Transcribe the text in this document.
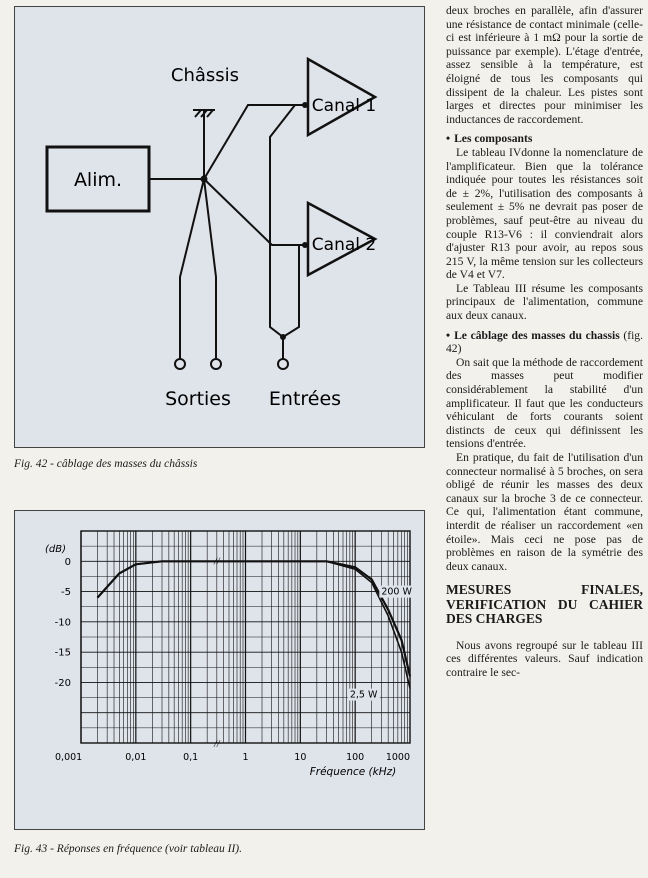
Châssis
Alim.
Canal 1
Canal 2
Sorties Entrées
Fig. 42 - câblage des masses du châssis
//
//
200 W
2,5 W
0
-5
-10
-15
-20
0,001	0,01	0,1	1	10	100 1000
(dB)
Fréquence (kHz)
Fig. 43 - Réponses en fréquence (voir tableau II).

deux broches en parallèle, afin d'assurer une résistance de contact minimale (celle-ci est inférieure à 1 mΩ pour la sortie de puissance par exemple). L'étage d'entrée, assez sensible à la température, est éloigné de tous les composants qui dissipent de la chaleur. Les pistes sont larges et directes pour minimiser les inductances de raccordement.

• Les composants

Le tableau IVdonne la nomenclature de l'amplificateur. Bien que la tolérance indiquée pour toutes les résistances soit de ± 2%, l'utilisation des composants à seulement ± 5% ne devrait pas poser de problèmes, sauf peut-être au niveau du couple R13-V6 : il conviendrait alors d'ajuster R13 pour avoir, au repos sous 215 V, la même tension sur les collecteurs de V4 et V7.

Le Tableau III résume les composants principaux de l'alimentation, commune aux deux canaux.

• Le câblage des masses du chassis (fig. 42)

On sait que la méthode de raccordement des masses peut modifier considérablement la stabilité d'un amplificateur. Il faut que les conducteurs véhiculant de forts courants soient distincts de ceux qui définissent les tensions d'entrée.

En pratique, du fait de l'utilisation d'un connecteur normalisé à 5 broches, on sera obligé de réunir les masses des deux canaux sur la broche 3 de ce connecteur. Ce qui, l'alimentation étant commune, interdit de réaliser un raccordement «en étoile». Mais ceci ne pose pas de problèmes en raison de la symétrie des deux canaux.

MESURES FINALES, VERIFICATION DU CAHIER DES CHARGES

Nous avons regroupé sur le tableau III ces différentes valeurs. Sauf indication contraire le sec-
